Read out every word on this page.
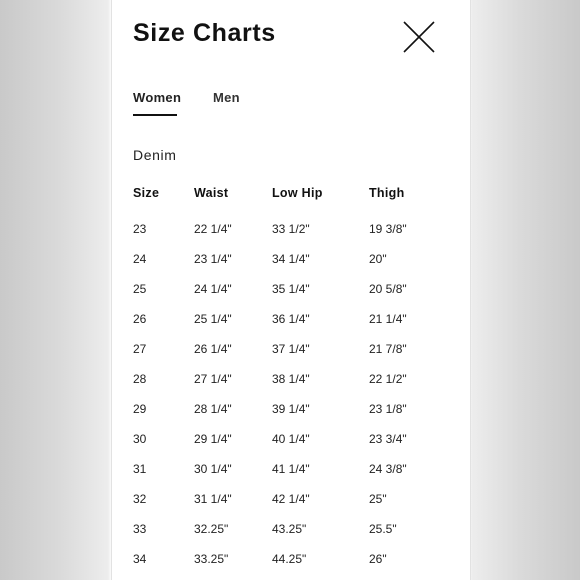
Size Charts
Women Men
Denim
Size	Waist	Low Hip	Thigh
23	22 1/4"	33 1/2"	19 3/8"
24	23 1/4"	34 1/4"	20"
25	24 1/4"	35 1/4"	20 5/8"
26	25 1/4"	36 1/4"	21 1/4"
27	26 1/4"	37 1/4"	21 7/8"
28	27 1/4"	38 1/4"	22 1/2"
29	28 1/4"	39 1/4"	23 1/8"
30	29 1/4"	40 1/4"	23 3/4"
31	30 1/4"	41 1/4"	24 3/8"
32	31 1/4"	42 1/4"	25"
33	32.25"	43.25"	25.5"
34	33.25"	44.25"	26"
